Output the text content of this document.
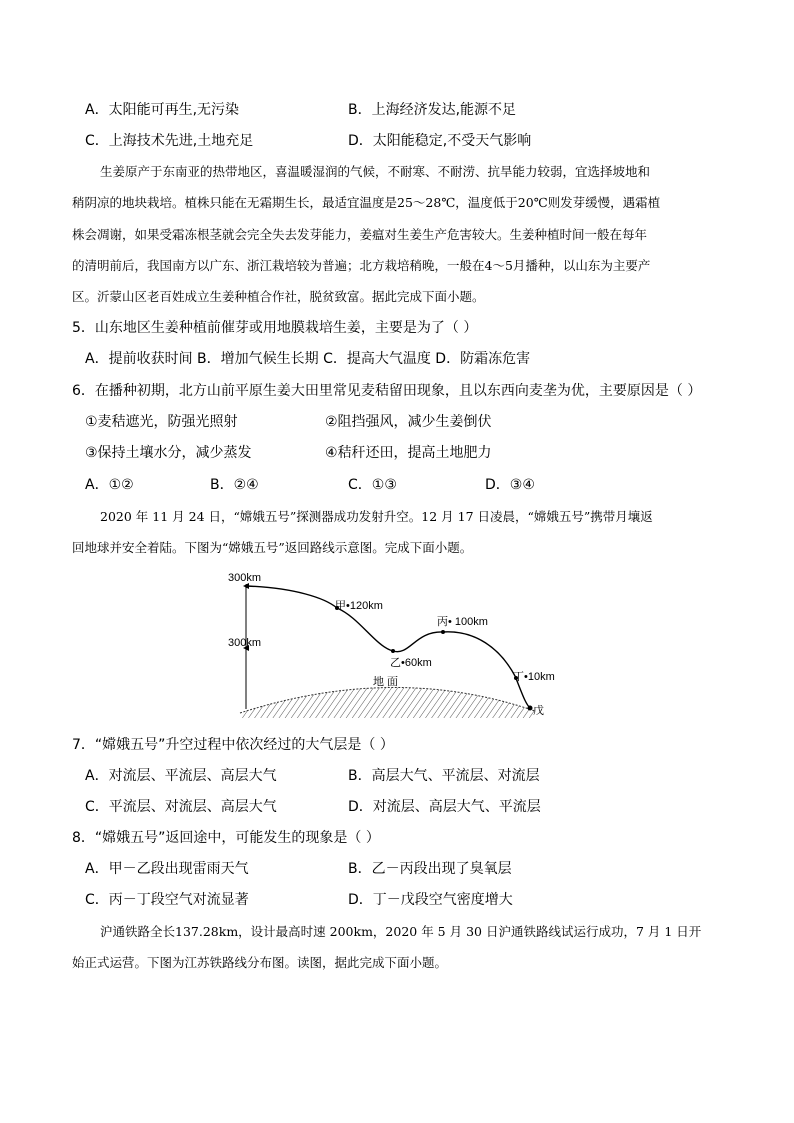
A．太阳能可再生,无污染	B．上海经济发达,能源不足
C．上海技术先进,土地充足	D．太阳能稳定,不受天气影响
生姜原产于东南亚的热带地区，喜温暖湿润的气候，不耐寒、不耐涝、抗旱能力较弱，宜选择坡地和
稍阴凉的地块栽培。植株只能在无霜期生长，最适宜温度是25～28℃，温度低于20℃则发芽缓慢，遇霜植
株会凋谢，如果受霜冻根茎就会完全失去发芽能力，姜瘟对生姜生产危害较大。生姜种植时间一般在每年
的清明前后，我国南方以广东、浙江栽培较为普遍；北方栽培稍晚，一般在4～5月播种，以山东为主要产
区。沂蒙山区老百姓成立生姜种植合作社，脱贫致富。据此完成下面小题。
5．山东地区生姜种植前催芽或用地膜栽培生姜，主要是为了（ ）
A．提前收获时间 B．增加气候生长期 C．提高大气温度 D．防霜冻危害
6．在播种初期，北方山前平原生姜大田里常见麦秸留田现象，且以东西向麦垄为优，主要原因是（ ）
①麦秸遮光，防强光照射	②阻挡强风，减少生姜倒伏
③保持土壤水分，减少蒸发	④秸秆还田，提高土地肥力
A．①②	B．②④	C．①③	D．③④
2020 年 11 月 24 日，“嫦娥五号”探测器成功发射升空。12 月 17 日凌晨，“嫦娥五号”携带月壤返
回地球并安全着陆。下图为“嫦娥五号”返回路线示意图。完成下面小题。
300km
300km
甲•120km
乙•60km
丙• 100km
丁•10km
戊
地 面
7．“嫦娥五号”升空过程中依次经过的大气层是（ ）
A．对流层、平流层、高层大气	B．高层大气、平流层、对流层
C．平流层、对流层、高层大气	D．对流层、高层大气、平流层
8．“嫦娥五号”返回途中，可能发生的现象是（ ）
A．甲－乙段出现雷雨天气	B．乙－丙段出现了臭氧层
C．丙－丁段空气对流显著	D．丁－戊段空气密度增大
沪通铁路全长137.28km，设计最高时速 200km，2020 年 5 月 30 日沪通铁路线试运行成功，7 月 1 日开
始正式运营。下图为江苏铁路线分布图。读图，据此完成下面小题。
